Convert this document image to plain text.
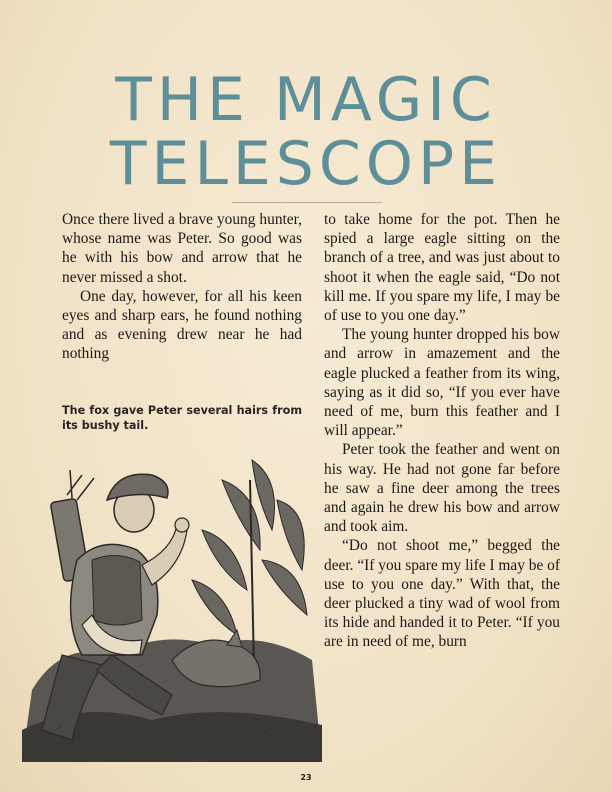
THE MAGIC
TELESCOPE

Once there lived a brave young hunter, whose name was Peter. So good was he with his bow and arrow that he never missed a shot.

One day, however, for all his keen eyes and sharp ears, he found nothing and as evening drew near he had nothing

The fox gave Peter several hairs from its bushy tail.

to take home for the pot. Then he spied a large eagle sitting on the branch of a tree, and was just about to shoot it when the eagle said, “Do not kill me. If you spare my life, I may be of use to you one day.”

The young hunter dropped his bow and arrow in amazement and the eagle plucked a feather from its wing, saying as it did so, “If you ever have need of me, burn this feather and I will appear.”

Peter took the feather and went on his way. He had not gone far before he saw a fine deer among the trees and again he drew his bow and arrow and took aim.

“Do not shoot me,” begged the deer. “If you spare my life I may be of use to you one day.” With that, the deer plucked a tiny wad of wool from its hide and handed it to Peter. “If you are in need of me, burn

23
